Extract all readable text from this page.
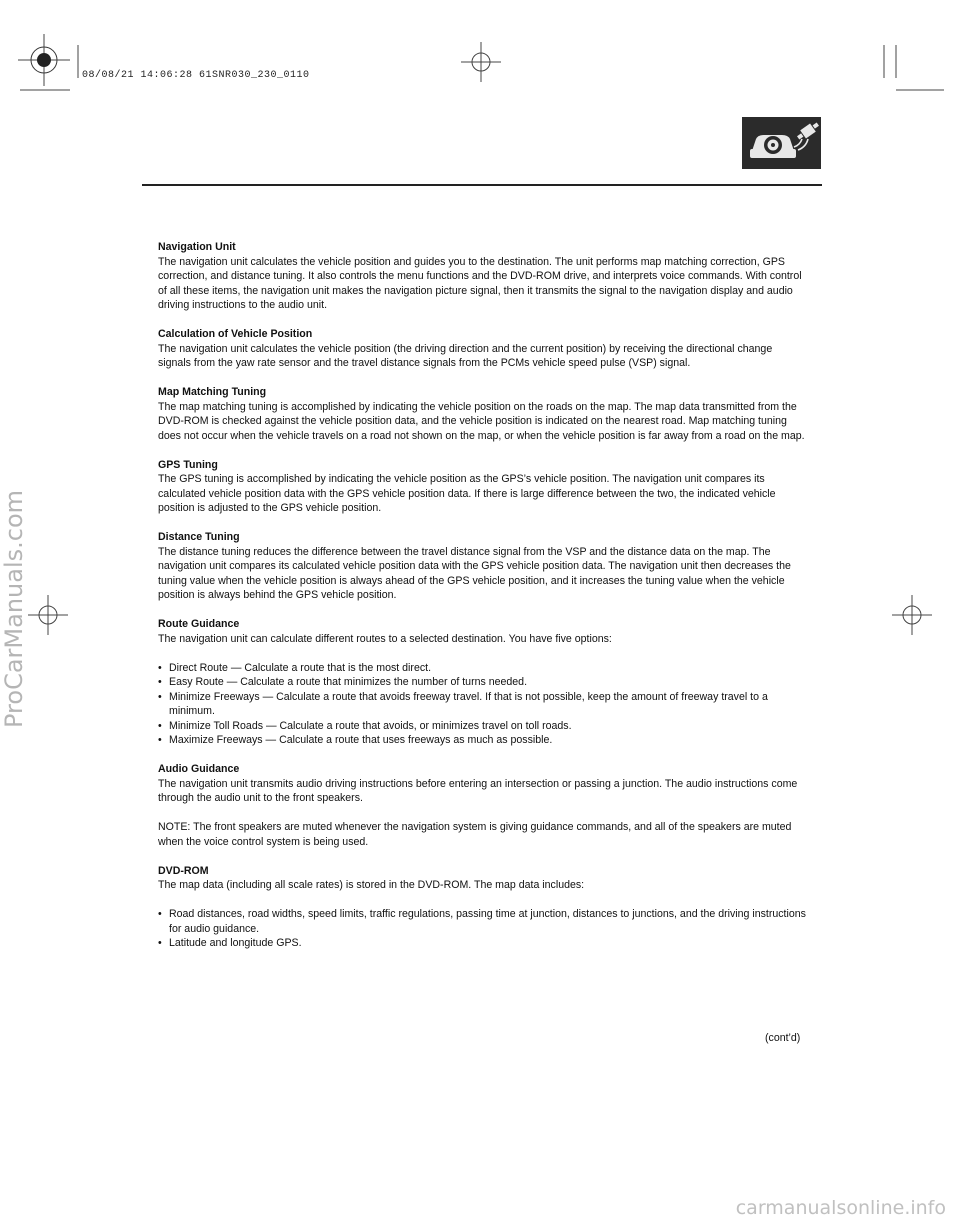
08/08/21 14:06:28 61SNR030_230_0110
Navigation Unit

The navigation unit calculates the vehicle position and guides you to the destination. The unit performs map matching correction, GPS correction, and distance tuning. It also controls the menu functions and the DVD-ROM drive, and interprets voice commands. With control of all these items, the navigation unit makes the navigation picture signal, then it transmits the signal to the navigation display and audio driving instructions to the audio unit.

Calculation of Vehicle Position

The navigation unit calculates the vehicle position (the driving direction and the current position) by receiving the directional change signals from the yaw rate sensor and the travel distance signals from the PCMs vehicle speed pulse (VSP) signal.

Map Matching Tuning

The map matching tuning is accomplished by indicating the vehicle position on the roads on the map. The map data transmitted from the DVD-ROM is checked against the vehicle position data, and the vehicle position is indicated on the nearest road. Map matching tuning does not occur when the vehicle travels on a road not shown on the map, or when the vehicle position is far away from a road on the map.

GPS Tuning

The GPS tuning is accomplished by indicating the vehicle position as the GPS’s vehicle position. The navigation unit compares its calculated vehicle position data with the GPS vehicle position data. If there is large difference between the two, the indicated vehicle position is adjusted to the GPS vehicle position.

Distance Tuning

The distance tuning reduces the difference between the travel distance signal from the VSP and the distance data on the map. The navigation unit compares its calculated vehicle position data with the GPS vehicle position data. The navigation unit then decreases the tuning value when the vehicle position is always ahead of the GPS vehicle position, and it increases the tuning value when the vehicle position is always behind the GPS vehicle position.

Route Guidance

The navigation unit can calculate different routes to a selected destination. You have five options:

• Direct Route — Calculate a route that is the most direct.
• Easy Route — Calculate a route that minimizes the number of turns needed.
• Minimize Freeways — Calculate a route that avoids freeway travel. If that is not possible, keep the amount of freeway travel to a minimum.
• Minimize Toll Roads — Calculate a route that avoids, or minimizes travel on toll roads.
• Maximize Freeways — Calculate a route that uses freeways as much as possible.
Audio Guidance

The navigation unit transmits audio driving instructions before entering an intersection or passing a junction. The audio instructions come through the audio unit to the front speakers.

NOTE: The front speakers are muted whenever the navigation system is giving guidance commands, and all of the speakers are muted when the voice control system is being used.

DVD-ROM

The map data (including all scale rates) is stored in the DVD-ROM. The map data includes:

• Road distances, road widths, speed limits, traffic regulations, passing time at junction, distances to junctions, and the driving instructions for audio guidance.
• Latitude and longitude GPS.
(cont’d)
ProCarManuals.com
carmanualsonline.info
